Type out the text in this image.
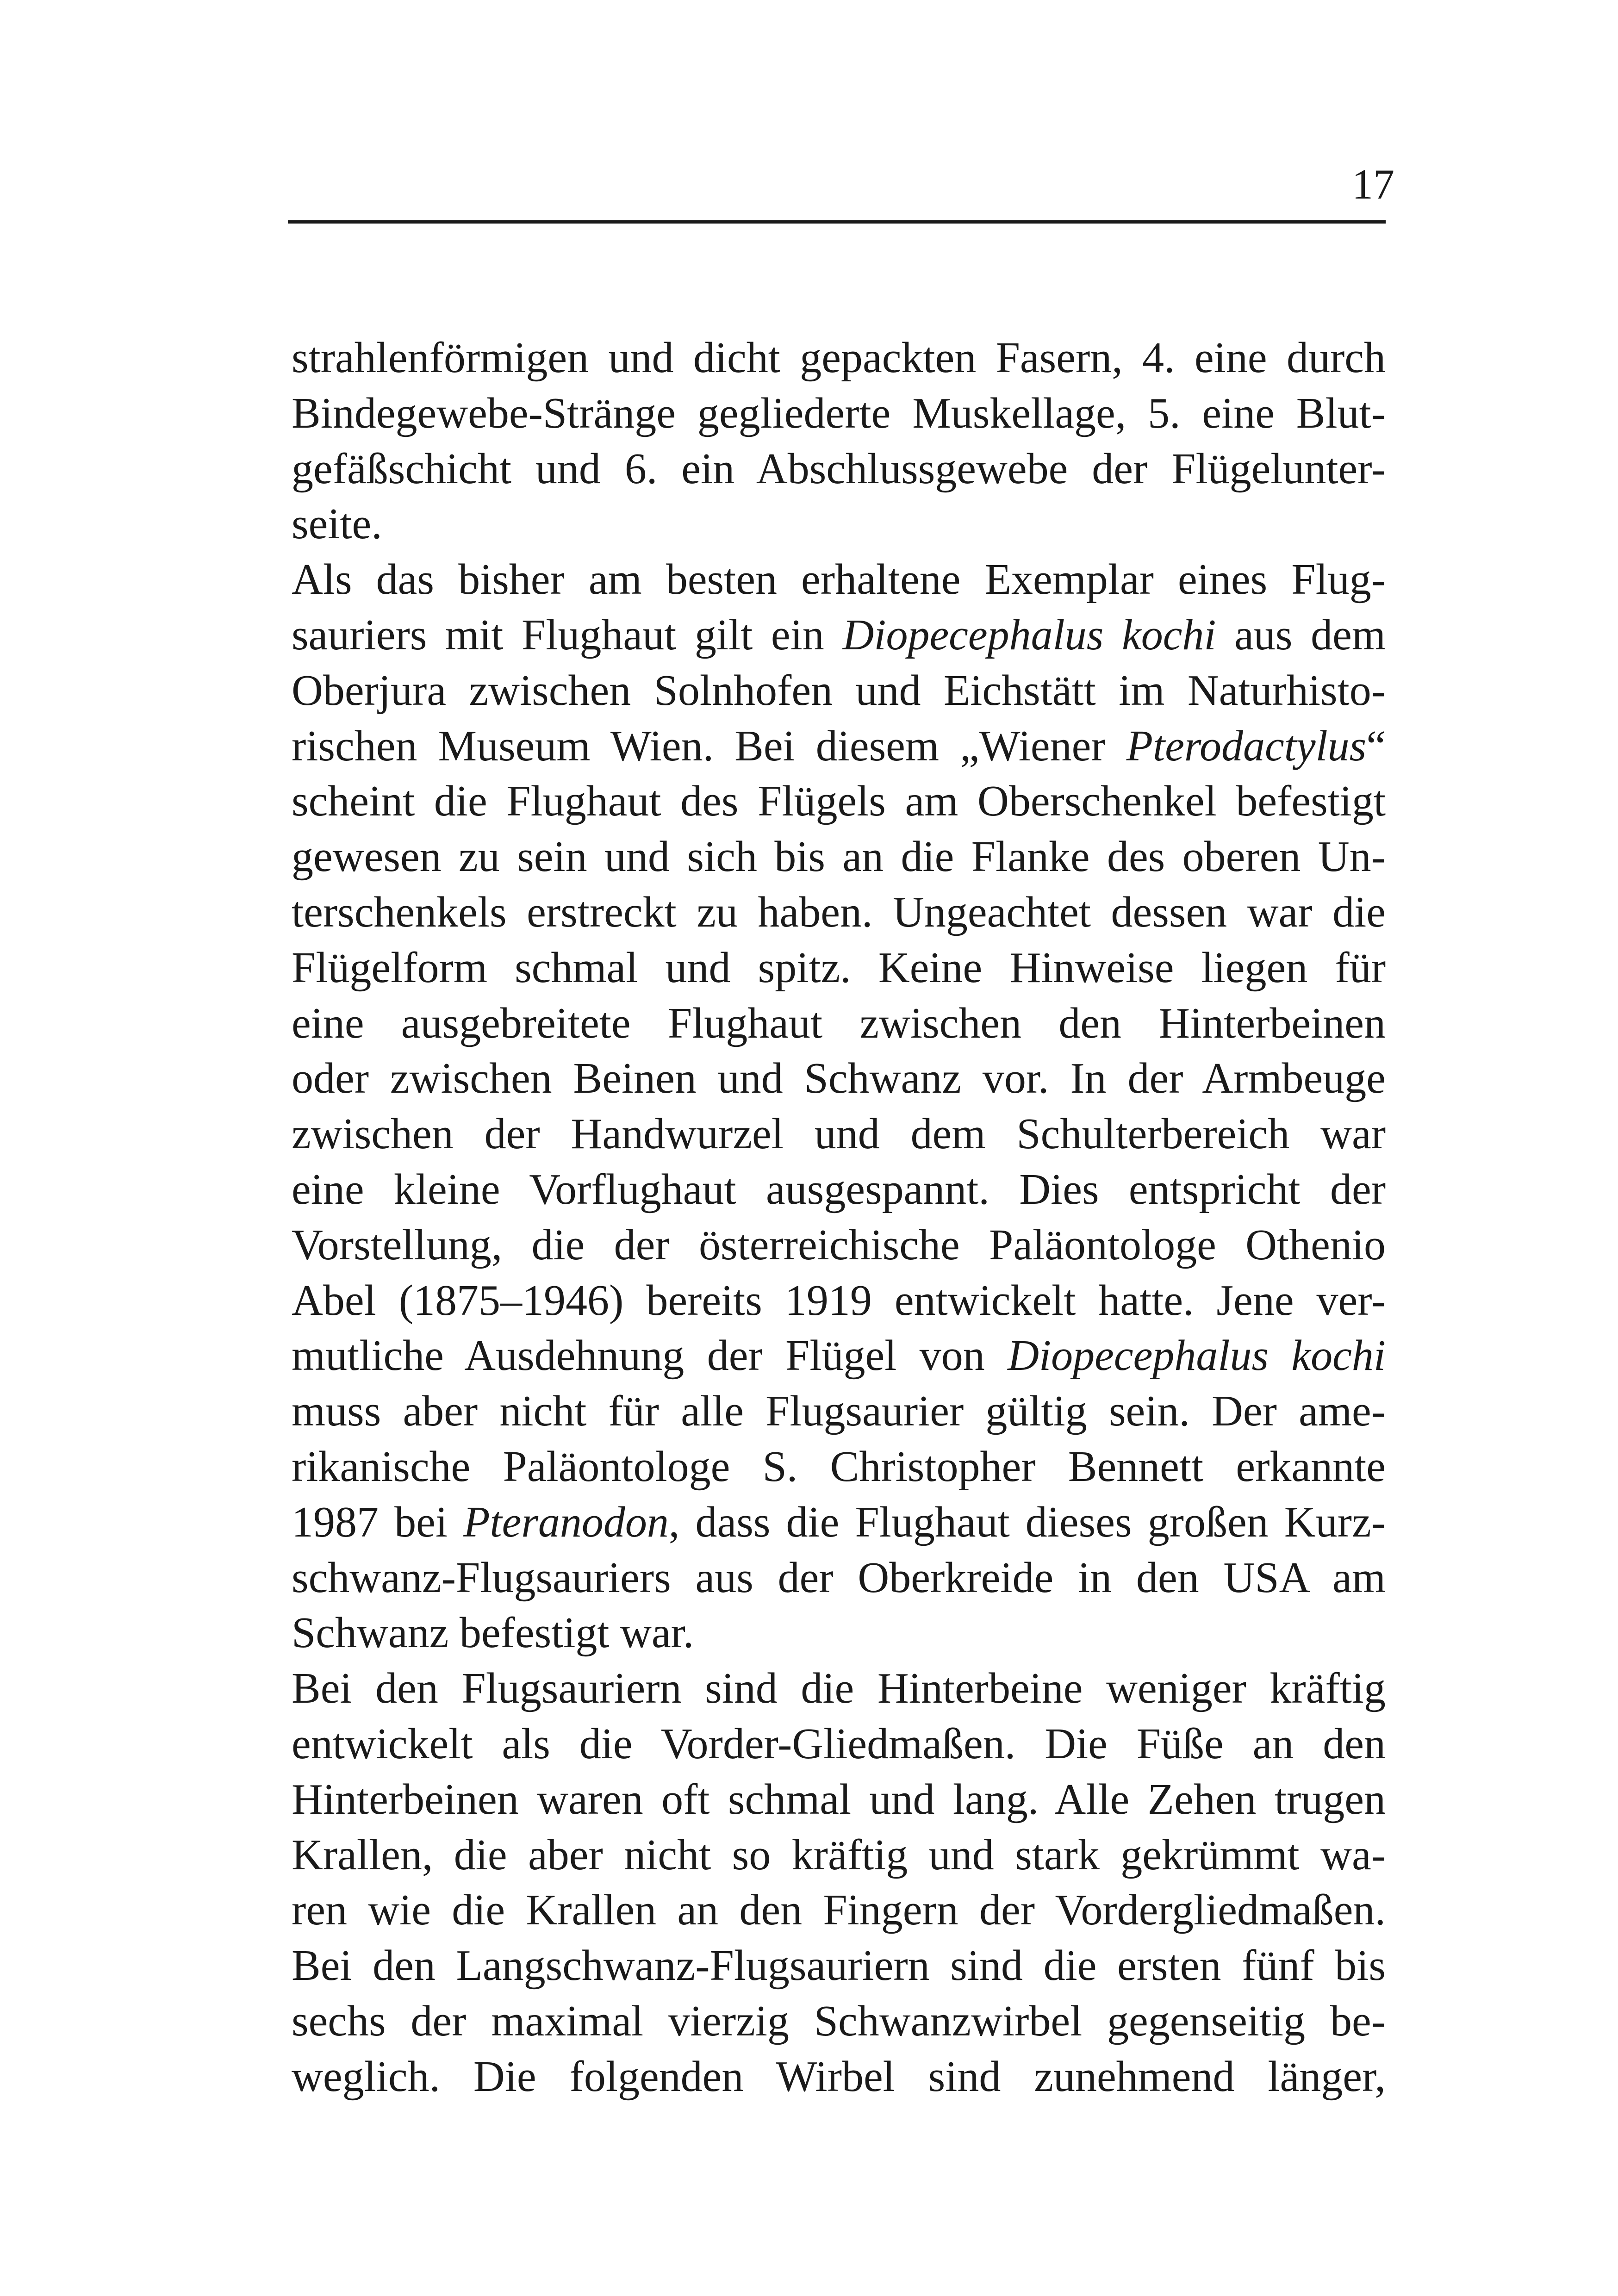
17
strahlenförmigen und dicht gepackten Fasern, 4. eine durch
Bindegewebe-Stränge gegliederte Muskellage, 5. eine Blut-
gefäßschicht und 6. ein Abschlussgewebe der Flügelunter-
seite.
Als das bisher am besten erhaltene Exemplar eines Flug-
sauriers mit Flughaut gilt ein Diopecephalus kochi aus dem
Oberjura zwischen Solnhofen und Eichstätt im Naturhisto-
rischen Museum Wien. Bei diesem „Wiener Pterodactylus“
scheint die Flughaut des Flügels am Oberschenkel befestigt
gewesen zu sein und sich bis an die Flanke des oberen Un-
terschenkels erstreckt zu haben. Ungeachtet dessen war die
Flügelform schmal und spitz. Keine Hinweise liegen für
eine ausgebreitete Flughaut zwischen den Hinterbeinen
oder zwischen Beinen und Schwanz vor. In der Armbeuge
zwischen der Handwurzel und dem Schulterbereich war
eine kleine Vorflughaut ausgespannt. Dies entspricht der
Vorstellung, die der österreichische Paläontologe Othenio
Abel (1875–1946) bereits 1919 entwickelt hatte. Jene ver-
mutliche Ausdehnung der Flügel von Diopecephalus kochi
muss aber nicht für alle Flugsaurier gültig sein. Der ame-
rikanische Paläontologe S. Christopher Bennett erkannte
1987 bei Pteranodon, dass die Flughaut dieses großen Kurz-
schwanz-Flugsauriers aus der Oberkreide in den USA am
Schwanz befestigt war.
Bei den Flugsauriern sind die Hinterbeine weniger kräftig
entwickelt als die Vorder-Gliedmaßen. Die Füße an den
Hinterbeinen waren oft schmal und lang. Alle Zehen trugen
Krallen, die aber nicht so kräftig und stark gekrümmt wa-
ren wie die Krallen an den Fingern der Vordergliedmaßen.
Bei den Langschwanz-Flugsauriern sind die ersten fünf bis
sechs der maximal vierzig Schwanzwirbel gegenseitig be-
weglich. Die folgenden Wirbel sind zunehmend länger,
